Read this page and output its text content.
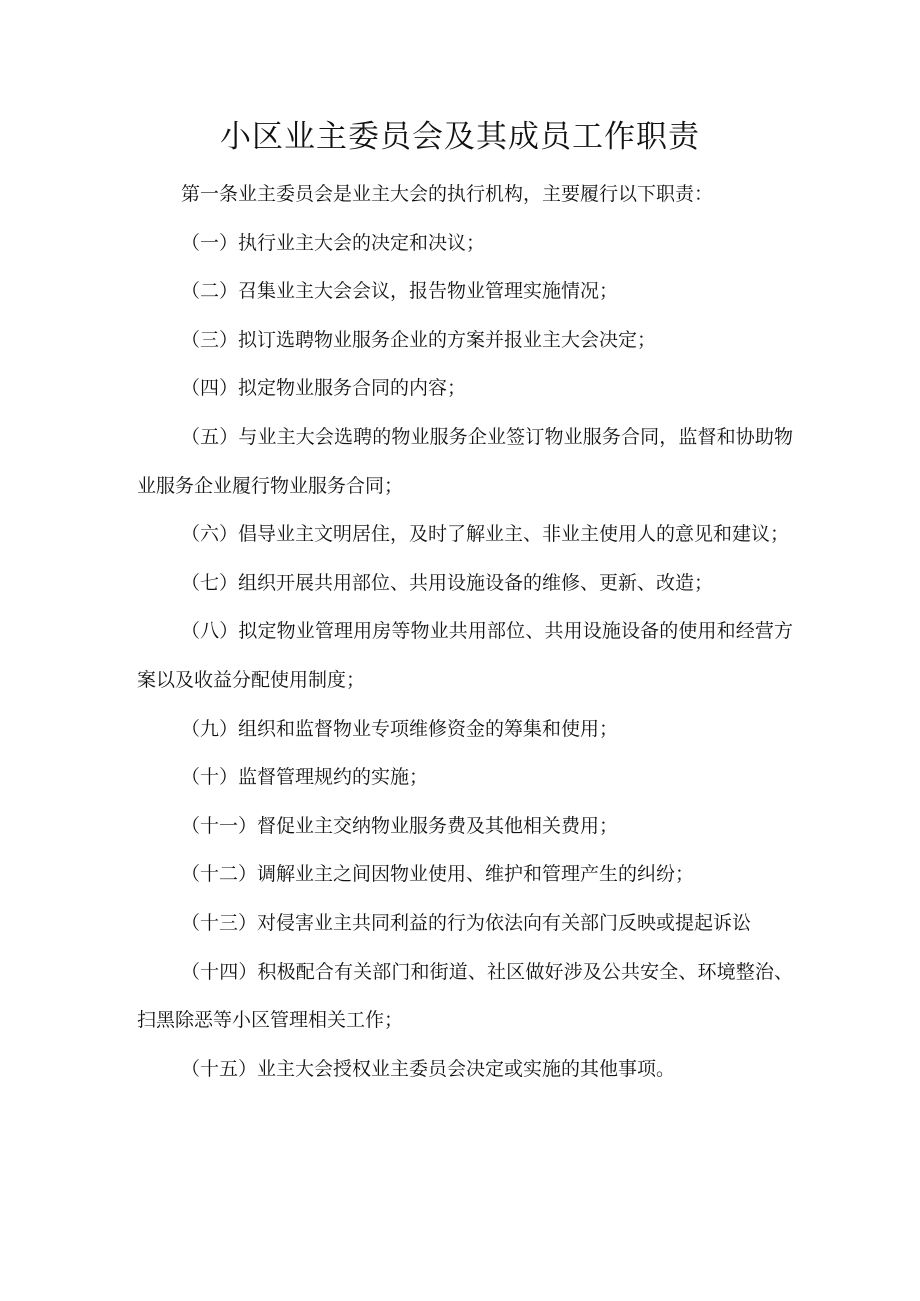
小区业主委员会及其成员工作职责

第一条业主委员会是业主大会的执行机构，主要履行以下职责：

（一）执行业主大会的决定和决议；

（二）召集业主大会会议，报告物业管理实施情况；

（三）拟订选聘物业服务企业的方案并报业主大会决定；

（四）拟定物业服务合同的内容；

（五）与业主大会选聘的物业服务企业签订物业服务合同，监督和协助物业服务企业履行物业服务合同；

（六）倡导业主文明居住，及时了解业主、非业主使用人的意见和建议；

（七）组织开展共用部位、共用设施设备的维修、更新、改造；

（八）拟定物业管理用房等物业共用部位、共用设施设备的使用和经营方案以及收益分配使用制度；

（九）组织和监督物业专项维修资金的筹集和使用；

（十）监督管理规约的实施；

（十一）督促业主交纳物业服务费及其他相关费用；

（十二）调解业主之间因物业使用、维护和管理产生的纠纷；

（十三）对侵害业主共同利益的行为依法向有关部门反映或提起诉讼

（十四）积极配合有关部门和街道、社区做好涉及公共安全、环境整治、扫黑除恶等小区管理相关工作；

（十五）业主大会授权业主委员会决定或实施的其他事项。
